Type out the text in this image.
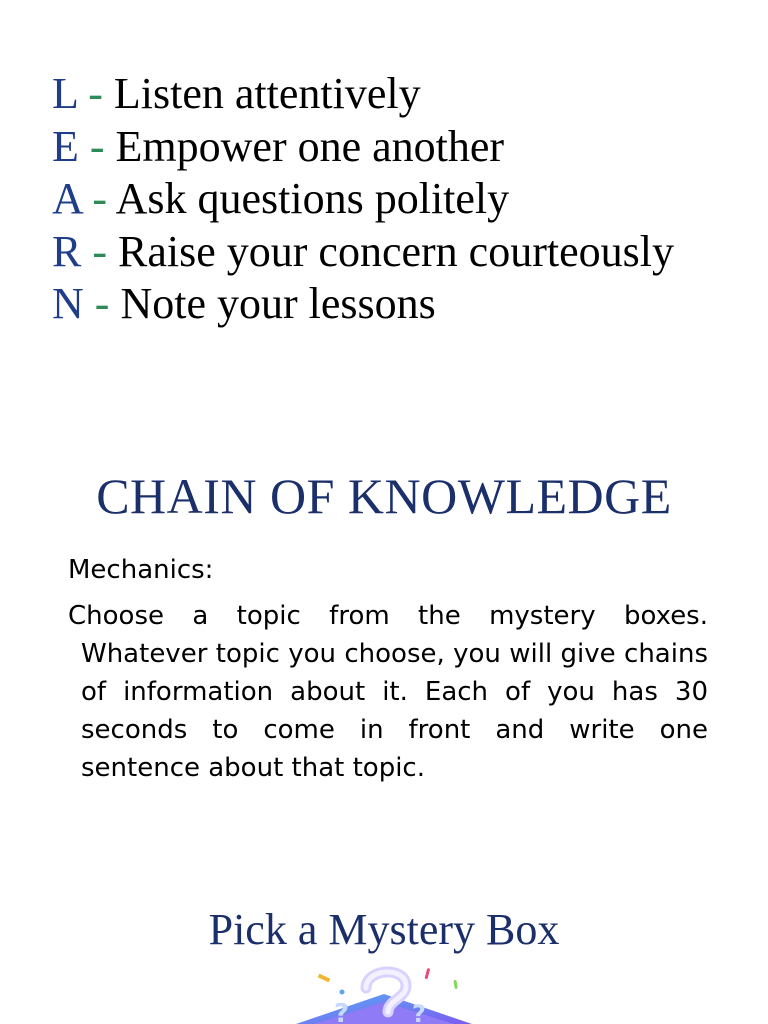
L - Listen attentively
E - Empower one another
A - Ask questions politely
R - Raise your concern courteously
N - Note your lessons
CHAIN OF KNOWLEDGE

Mechanics:

Choose a topic from the mystery boxes. Whatever topic you choose, you will give chains of information about it. Each of you has 30 seconds to come in front and write one sentence about that topic.

Pick a Mystery Box
?	?
